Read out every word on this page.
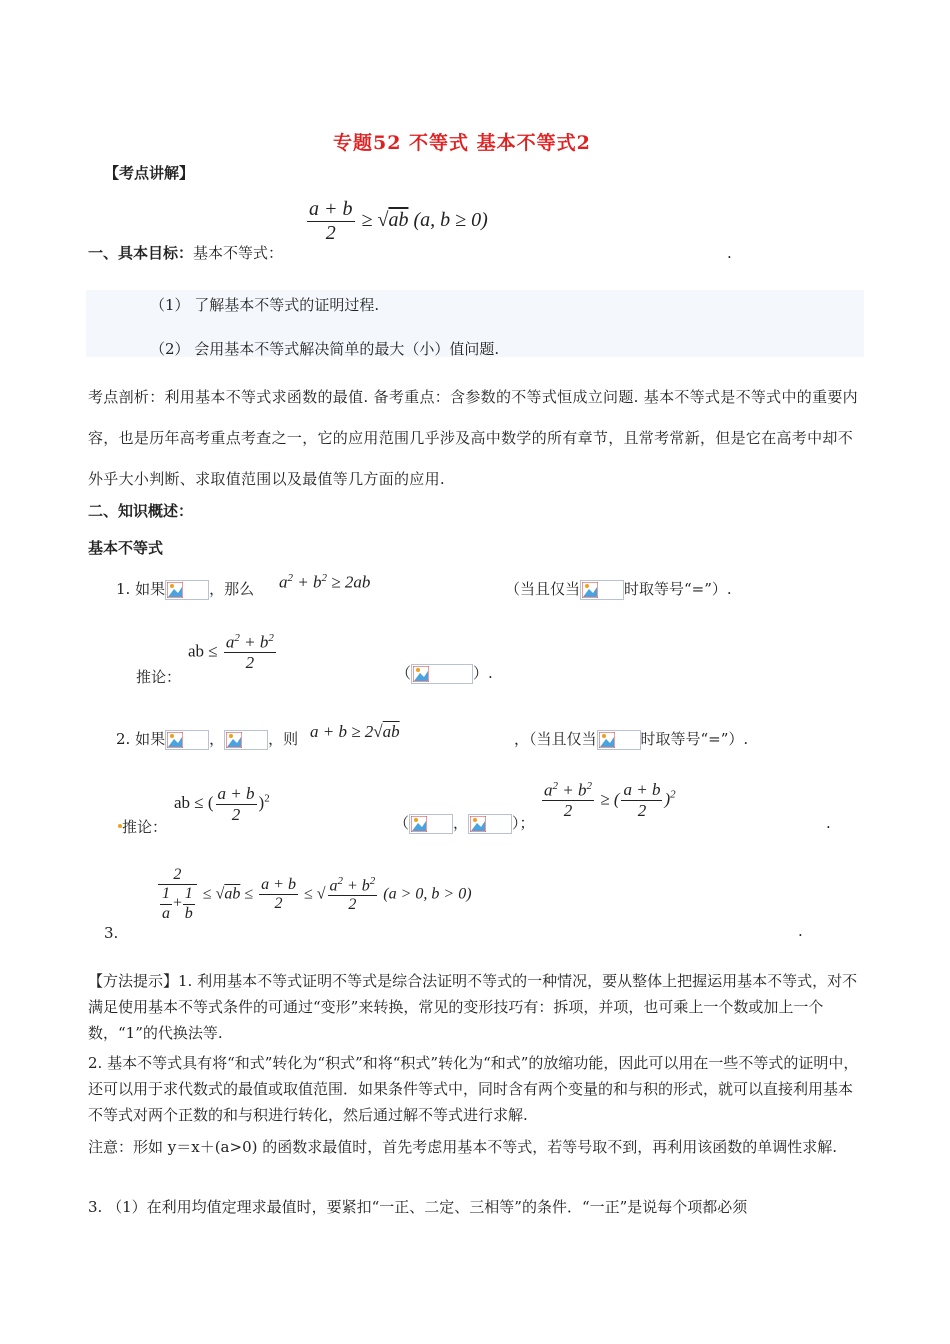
专题52 不等式 基本不等式2
【考点讲解】
一、具本目标：基本不等式：
$\frac{a + b}{2} \ge √ab$ (a, b ≥ 0)
.
（1） 了解基本不等式的证明过程.
（2） 会用基本不等式解决简单的最大（小）值问题.
考点剖析：利用基本不等式求函数的最值. 备考重点：含参数的不等式恒成立问题. 基本不等式是不等式中的重要内容，也是历年高考重点考查之一，它的应用范围几乎涉及高中数学的所有章节，且常考常新，但是它在高考中却不外乎大小判断、求取值范围以及最值等几方面的应用.
二、知识概述：
基本不等式
1. 如果	，那么 $a^2 + b^2 \ge 2ab$	（当且仅当	时取等号“=”）.
推论：
ab ≤ $\frac{a^2 + b^2}{2}$
（	）.
2. 如果	，	，则 a + b ≥ 2√ab	，（当且仅当	时取等号“=”）.
推论：
ab ≤ ( $\frac{a + b}{2} )^2$
（	，	）；
$\frac{a^2 + b^2}{2}$ ≥ ( $\frac{a + b}{2} )^2$
.
$\frac{2}{\frac{1}{a} + \frac{1}{b}} \le √ab \le \frac{a + b}{2}$ ≤ √ $\frac{a^2 + b^2}{2} (a > 0$, b > 0)
3.	.
【方法提示】1. 利用基本不等式证明不等式是综合法证明不等式的一种情况，要从整体上把握运用基本不等式，对不满足使用基本不等式条件的可通过“变形”来转换，常见的变形技巧有：拆项，并项，也可乘上一个数或加上一个数，“1”的代换法等.
2. 基本不等式具有将“和式”转化为“积式”和将“积式”转化为“和式”的放缩功能，因此可以用在一些不等式的证明中，还可以用于求代数式的最值或取值范围．如果条件等式中，同时含有两个变量的和与积的形式，就可以直接利用基本不等式对两个正数的和与积进行转化，然后通过解不等式进行求解.
注意：形如 y＝x＋(a>0) 的函数求最值时，首先考虑用基本不等式，若等号取不到，再利用该函数的单调性求解.
3. （1）在利用均值定理求最值时，要紧扣“一正、二定、三相等”的条件．“一正”是说每个项都必须
